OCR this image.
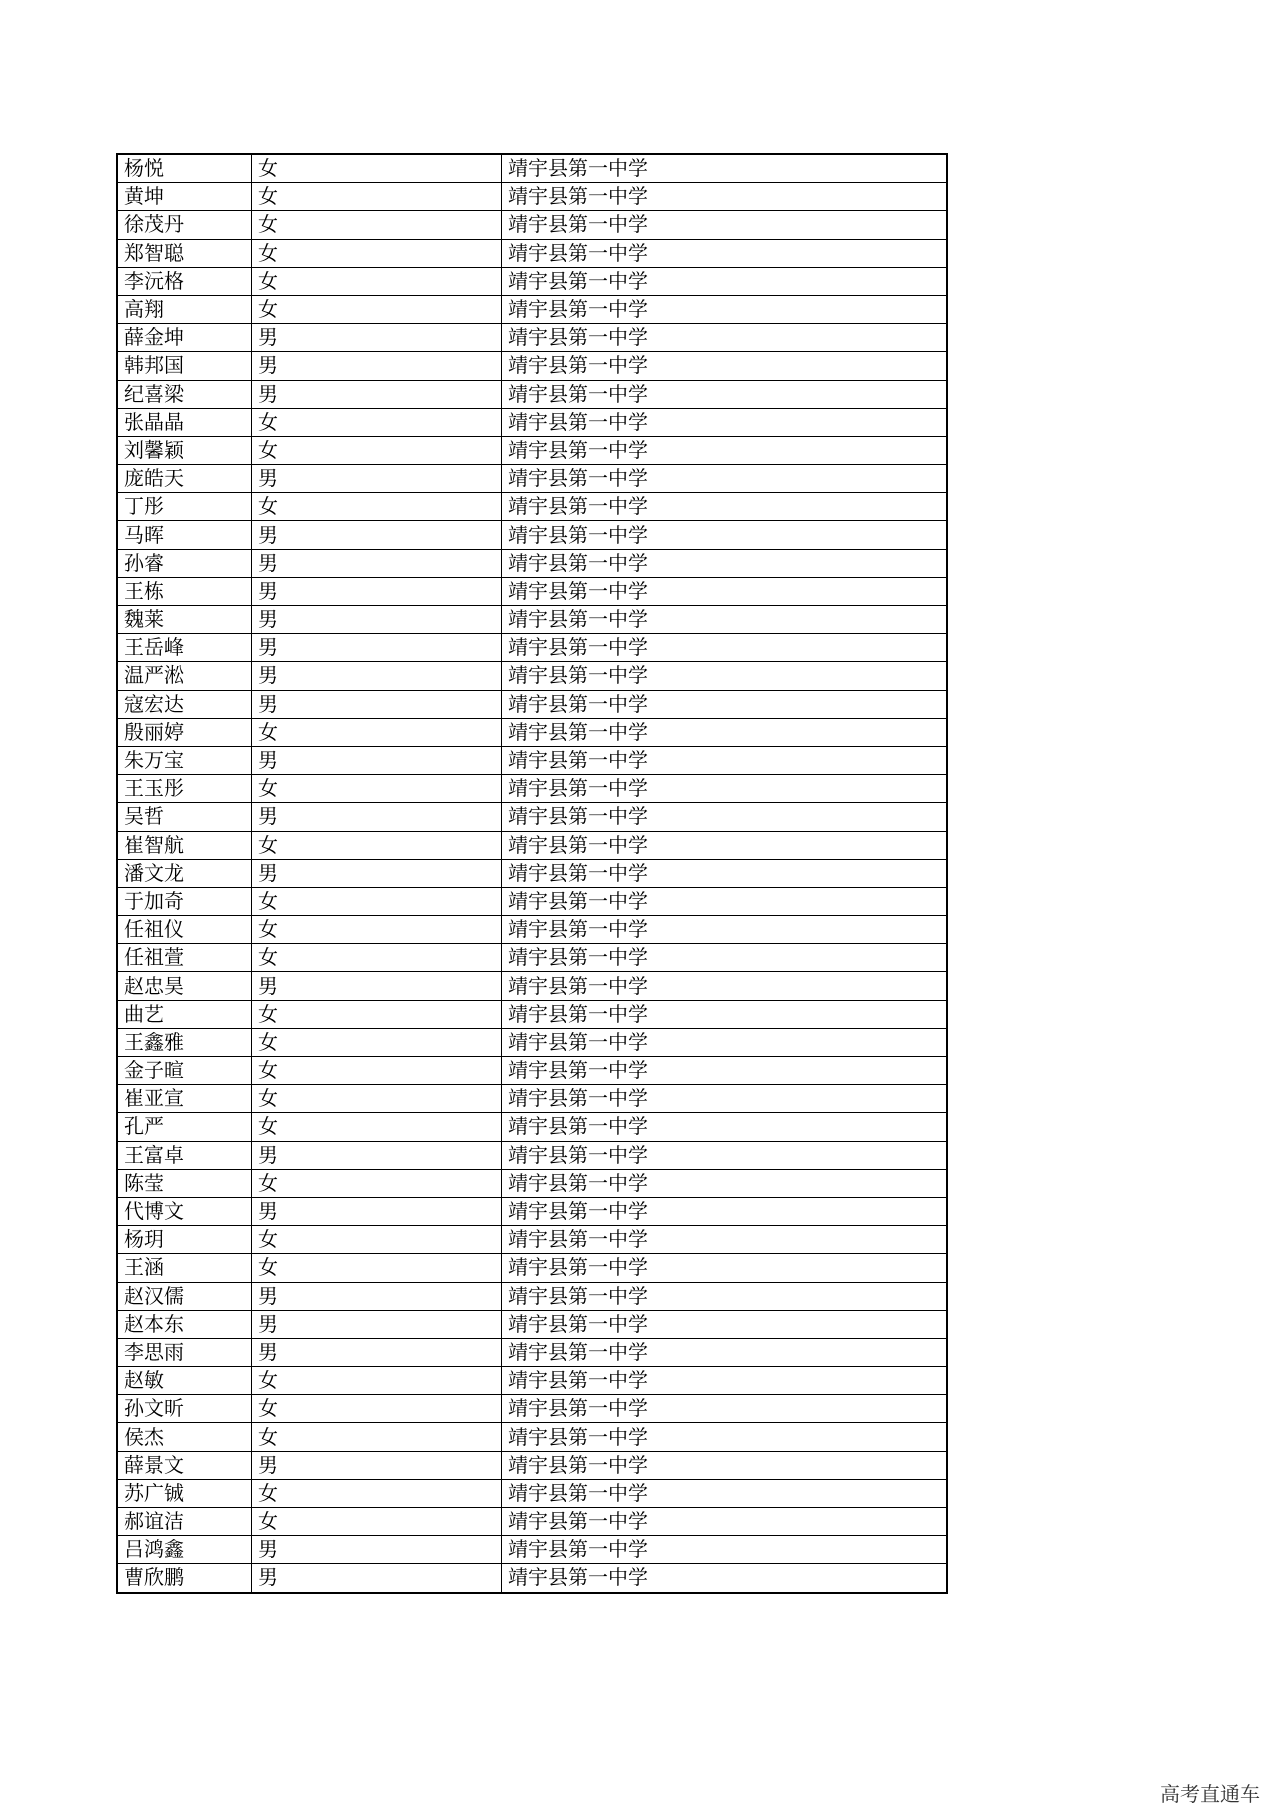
杨悦	女	靖宇县第一中学
黄坤	女	靖宇县第一中学
徐茂丹	女	靖宇县第一中学
郑智聪	女	靖宇县第一中学
李沅格	女	靖宇县第一中学
高翔	女	靖宇县第一中学
薛金坤	男	靖宇县第一中学
韩邦国	男	靖宇县第一中学
纪喜梁	男	靖宇县第一中学
张晶晶	女	靖宇县第一中学
刘馨颖	女	靖宇县第一中学
庞皓天	男	靖宇县第一中学
丁彤	女	靖宇县第一中学
马晖	男	靖宇县第一中学
孙睿	男	靖宇县第一中学
王栋	男	靖宇县第一中学
魏莱	男	靖宇县第一中学
王岳峰	男	靖宇县第一中学
温严淞	男	靖宇县第一中学
寇宏达	男	靖宇县第一中学
殷丽婷	女	靖宇县第一中学
朱万宝	男	靖宇县第一中学
王玉彤	女	靖宇县第一中学
吴哲	男	靖宇县第一中学
崔智航	女	靖宇县第一中学
潘文龙	男	靖宇县第一中学
于加奇	女	靖宇县第一中学
任祖仪	女	靖宇县第一中学
任祖萱	女	靖宇县第一中学
赵忠昊	男	靖宇县第一中学
曲艺	女	靖宇县第一中学
王鑫雅	女	靖宇县第一中学
金子暄	女	靖宇县第一中学
崔亚宣	女	靖宇县第一中学
孔严	女	靖宇县第一中学
王富卓	男	靖宇县第一中学
陈莹	女	靖宇县第一中学
代博文	男	靖宇县第一中学
杨玥	女	靖宇县第一中学
王涵	女	靖宇县第一中学
赵汉儒	男	靖宇县第一中学
赵本东	男	靖宇县第一中学
李思雨	男	靖宇县第一中学
赵敏	女	靖宇县第一中学
孙文昕	女	靖宇县第一中学
侯杰	女	靖宇县第一中学
薛景文	男	靖宇县第一中学
苏广铖	女	靖宇县第一中学
郝谊洁	女	靖宇县第一中学
吕鸿鑫	男	靖宇县第一中学
曹欣鹏	男	靖宇县第一中学
高考直通车
